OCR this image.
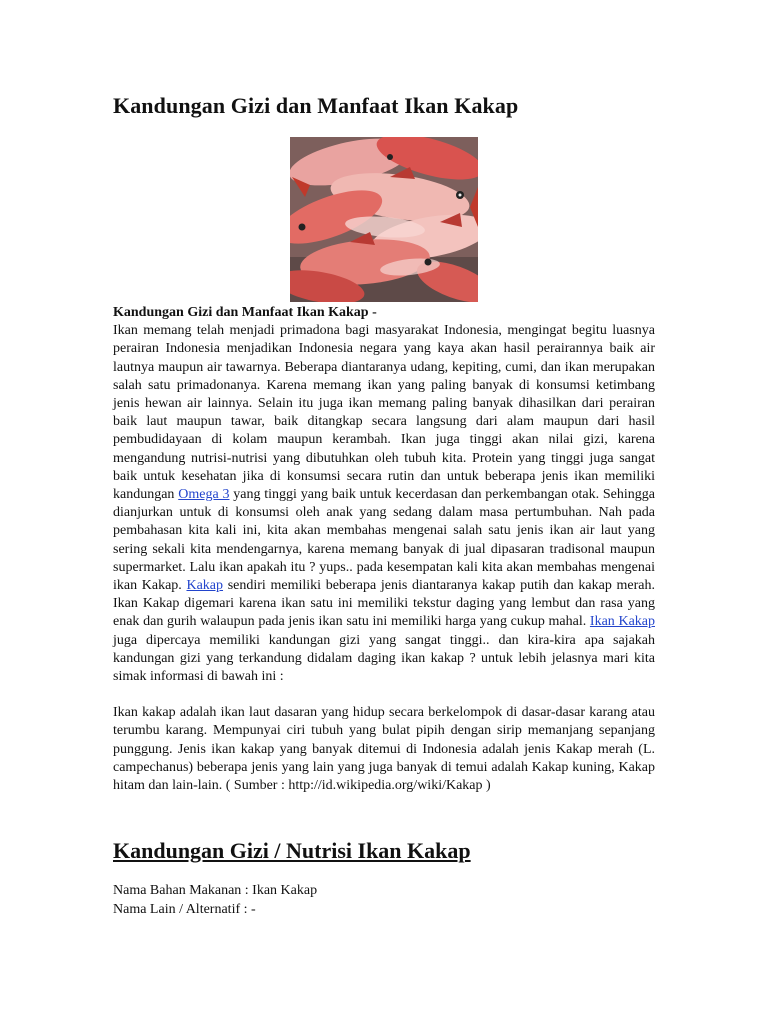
Kandungan Gizi dan Manfaat Ikan Kakap

Kandungan Gizi dan Manfaat Ikan Kakap -
Ikan memang telah menjadi primadona bagi masyarakat Indonesia, mengingat begitu luasnya perairan Indonesia menjadikan Indonesia negara yang kaya akan hasil perairannya baik air lautnya maupun air tawarnya. Beberapa diantaranya udang, kepiting, cumi, dan ikan merupakan salah satu primadonanya. Karena memang ikan yang paling banyak di konsumsi ketimbang jenis hewan air lainnya. Selain itu juga ikan memang paling banyak dihasilkan dari perairan baik laut maupun tawar, baik ditangkap secara langsung dari alam maupun dari hasil pembudidayaan di kolam maupun kerambah. Ikan juga tinggi akan nilai gizi, karena mengandung nutrisi-nutrisi yang dibutuhkan oleh tubuh kita. Protein yang tinggi juga sangat baik untuk kesehatan jika di konsumsi secara rutin dan untuk beberapa jenis ikan memiliki kandungan Omega 3 yang tinggi yang baik untuk kecerdasan dan perkembangan otak. Sehingga dianjurkan untuk di konsumsi oleh anak yang sedang dalam masa pertumbuhan. Nah pada pembahasan kita kali ini, kita akan membahas mengenai salah satu jenis ikan air laut yang sering sekali kita mendengarnya, karena memang banyak di jual dipasaran tradisonal maupun supermarket. Lalu ikan apakah itu ? yups.. pada kesempatan kali kita akan membahas mengenai ikan Kakap. Kakap sendiri memiliki beberapa jenis diantaranya kakap putih dan kakap merah. Ikan Kakap digemari karena ikan satu ini memiliki tekstur daging yang lembut dan rasa yang enak dan gurih walaupun pada jenis ikan satu ini memiliki harga yang cukup mahal. Ikan Kakap juga dipercaya memiliki kandungan gizi yang sangat tinggi.. dan kira-kira apa sajakah kandungan gizi yang terkandung didalam daging ikan kakap ? untuk lebih jelasnya mari kita simak informasi di bawah ini :

Ikan kakap adalah ikan laut dasaran yang hidup secara berkelompok di dasar-dasar karang atau terumbu karang. Mempunyai ciri tubuh yang bulat pipih dengan sirip memanjang sepanjang punggung. Jenis ikan kakap yang banyak ditemui di Indonesia adalah jenis Kakap merah (L. campechanus) beberapa jenis yang lain yang juga banyak di temui adalah Kakap kuning, Kakap hitam dan lain-lain. ( Sumber : http://id.wikipedia.org/wiki/Kakap )

Kandungan Gizi / Nutrisi Ikan Kakap
Nama Bahan Makanan : Ikan Kakap
Nama Lain / Alternatif : -
